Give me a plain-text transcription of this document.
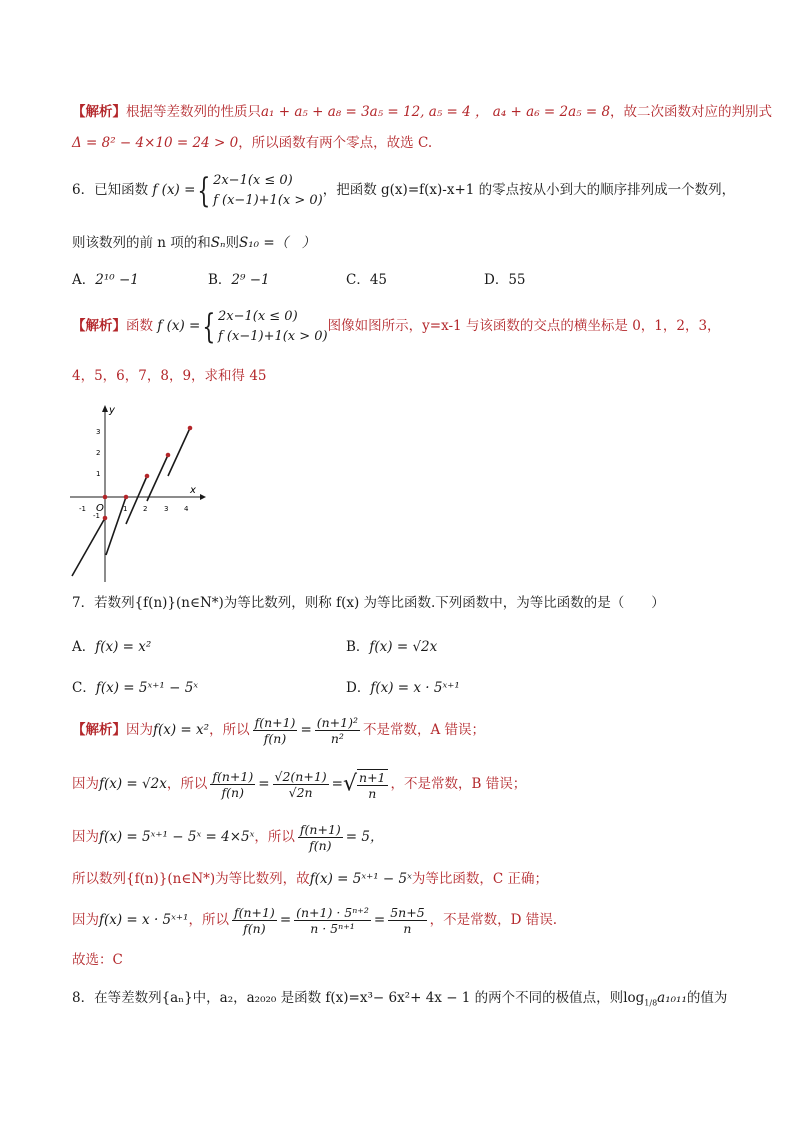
【解析】根据等差数列的性质只a₁ + a₅ + a₈ = 3a₅ = 12, a₅ = 4 ， a₄ + a₆ = 2a₅ = 8，故二次函数对应的判别式
Δ = 8² − 4×10 = 24 > 0，所以函数有两个零点，故选 C.
6．已知函数 f (x) ={ 2x−1(x ≤ 0)
f (x−1)+1(x > 0)
，把函数 g(x)=f(x)-x+1 的零点按从小到大的顺序排列成一个数列，
则该数列的前 n 项的和Sₙ则S₁₀ =（　）
A．2¹⁰ −1	B．2⁹ −1	C．45	D．55
【解析】函数 f (x) ={ 2x−1(x ≤ 0)
f (x−1)+1(x > 0)
图像如图所示，y=x-1 与该函数的交点的横坐标是 0，1，2，3，
4，5，6，7，8，9，求和得 45
x
y
O
-1	1 2 3 4
3
2
1
-1
7．若数列{f(n)}(n∈N*)为等比数列，则称 f(x) 为等比函数.下列函数中，为等比函数的是（　　）
A．f(x) = x²	B．f(x) = √2x
C．f(x) = 5ˣ⁺¹ − 5ˣ	D．f(x) = x · 5ˣ⁺¹
【解析】因为f(x) = x²，所以 $\frac{f(n+1)}{f(n)} = \frac{\text{(n+1)²}}{\text{n²}}$ 不是常数，A 错误；
因为f(x) = √2x，所以 $\frac{f(n+1)}{f(n)} = \frac{√2(n+1)}{√2n}$ =√ $\frac{n+1}{n}$ ，不是常数，B 错误；
因为f(x) = 5ˣ⁺¹ − 5ˣ = 4×5ˣ，所以 $\frac{f(n+1)}{f(n)} = 5$，
所以数列{f(n)}(n∈N*)为等比数列，故f(x) = 5ˣ⁺¹ − 5ˣ为等比函数，C 正确；
因为f(x) = x · 5ˣ⁺¹，所以 $\frac{f(n+1)}{f(n)} = \frac{\text{(n+1) · 5ⁿ⁺²}}{\text{n · 5ⁿ⁺¹}} = \frac{5n+5}{n}$ ，不是常数，D 错误.
故选：C
8．在等差数列{aₙ}中，a₂，a₂₀₂₀ 是函数 f(x)=x³− 6x²+ 4x − 1 的两个不同的极值点，则$\log_{1/8}a_{1011}$的值为
